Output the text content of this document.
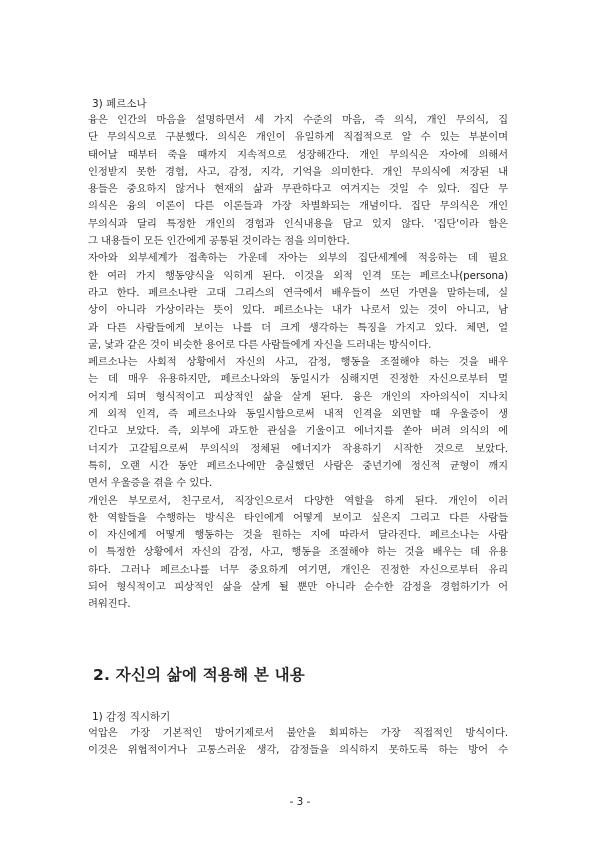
3) 페르소나
융은 인간의 마음을 설명하면서 세 가지 수준의 마음, 즉 의식, 개인 무의식, 집
단 무의식으로 구분했다. 의식은 개인이 유일하게 직접적으로 알 수 있는 부분이며
태어날 때부터 죽을 때까지 지속적으로 성장해간다. 개인 무의식은 자아에 의해서
인정받지 못한 경험, 사고, 감정, 지각, 기억을 의미한다. 개인 무의식에 저장된 내
용들은 중요하지 않거나 현재의 삶과 무관하다고 여겨지는 것일 수 있다. 집단 무
의식은 융의 이론이 다른 이론들과 가장 차별화되는 개념이다. 집단 무의식은 개인
무의식과 달리 특정한 개인의 경험과 인식내용을 담고 있지 않다. '집단'이라 함은
그 내용들이 모든 인간에게 공통된 것이라는 점을 의미한다.
자아와 외부세계가 접촉하는 가운데 자아는 외부의 집단세계에 적응하는 데 필요
한 여러 가지 행동양식을 익히게 된다. 이것을 외적 인격 또는 페르소나(persona)
라고 한다. 페르소나란 고대 그리스의 연극에서 배우들이 쓰던 가면을 말하는데, 실
상이 아니라 가상이라는 뜻이 있다. 페르소나는 내가 나로서 있는 것이 아니고, 남
과 다른 사람들에게 보이는 나를 더 크게 생각하는 특징을 가지고 있다. 체면, 얼
굴, 낯과 같은 것이 비슷한 용어로 다른 사람들에게 자신을 드러내는 방식이다.
페르소나는 사회적 상황에서 자신의 사고, 감정, 행동을 조절해야 하는 것을 배우
는 데 매우 유용하지만, 페르소나와의 동일시가 심해지면 진정한 자신으로부터 멀
어지게 되며 형식적이고 피상적인 삶을 살게 된다. 융은 개인의 자아의식이 지나치
게 외적 인격, 즉 페르소나와 동일시함으로써 내적 인격을 외면할 때 우울증이 생
긴다고 보았다. 즉, 외부에 과도한 관심을 기울이고 에너지를 쏟아 버려 의식의 에
너지가 고갈됨으로써 무의식의 정체된 에너지가 작용하기 시작한 것으로 보았다.
특히, 오랜 시간 동안 페르소나에만 충실했던 사람은 중년기에 정신적 균형이 깨지
면서 우울증을 겪을 수 있다.
개인은 부모로서, 친구로서, 직장인으로서 다양한 역할을 하게 된다. 개인이 이러
한 역할들을 수행하는 방식은 타인에게 어떻게 보이고 싶은지 그리고 다른 사람들
이 자신에게 어떻게 행동하는 것을 원하는 지에 따라서 달라진다. 페르소나는 사람
이 특정한 상황에서 자신의 감정, 사고, 행동을 조절해야 하는 것을 배우는 데 유용
하다. 그러나 페르소나를 너무 중요하게 여기면, 개인은 진정한 자신으로부터 유리
되어 형식적이고 피상적인 삶을 살게 될 뿐만 아니라 순수한 감정을 경험하기가 어
려워진다.
2. 자신의 삶에 적용해 본 내용
1) 감정 직시하기
억압은 가장 기본적인 방어기제로서 불안을 회피하는 가장 직접적인 방식이다.
이것은 위협적이거나 고통스러운 생각, 감정들을 의식하지 못하도록 하는 방어 수
- 3 -
